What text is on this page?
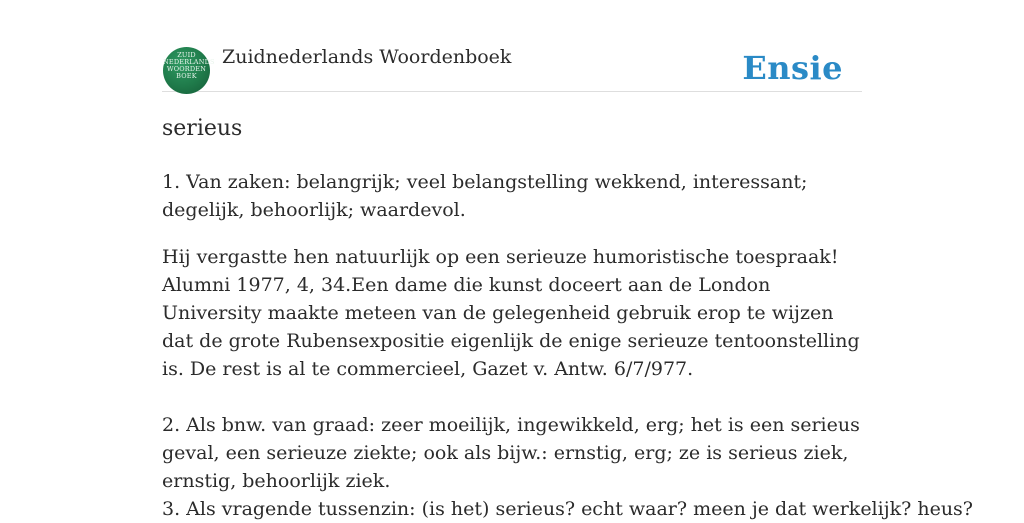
ZUID
NEDERLANDS
WOORDEN
BOEK
Zuidnederlands Woordenboek	Ensie
serieus

1. Van zaken: belangrijk; veel belangstelling wekkend, interessant; degelijk, behoorlijk; waardevol.

Hij vergastte hen natuurlijk op een serieuze humoristische toespraak! Alumni 1977, 4, 34.Een dame die kunst doceert aan de London University maakte meteen van de gelegenheid gebruik erop te wijzen dat de grote Rubensexpositie eigenlijk de enige serieuze tentoonstelling is. De rest is al te commercieel, Gazet v. Antw. 6/7/977.

2. Als bnw. van graad: zeer moeilijk, ingewikkeld, erg; het is een serieus geval, een serieuze ziekte; ook als bijw.: ernstig, erg; ze is serieus ziek, ernstig, behoorlijk ziek.

3. Als vragende tussenzin: (is het) serieus? echt waar? meen je dat werkelijk? heus?
